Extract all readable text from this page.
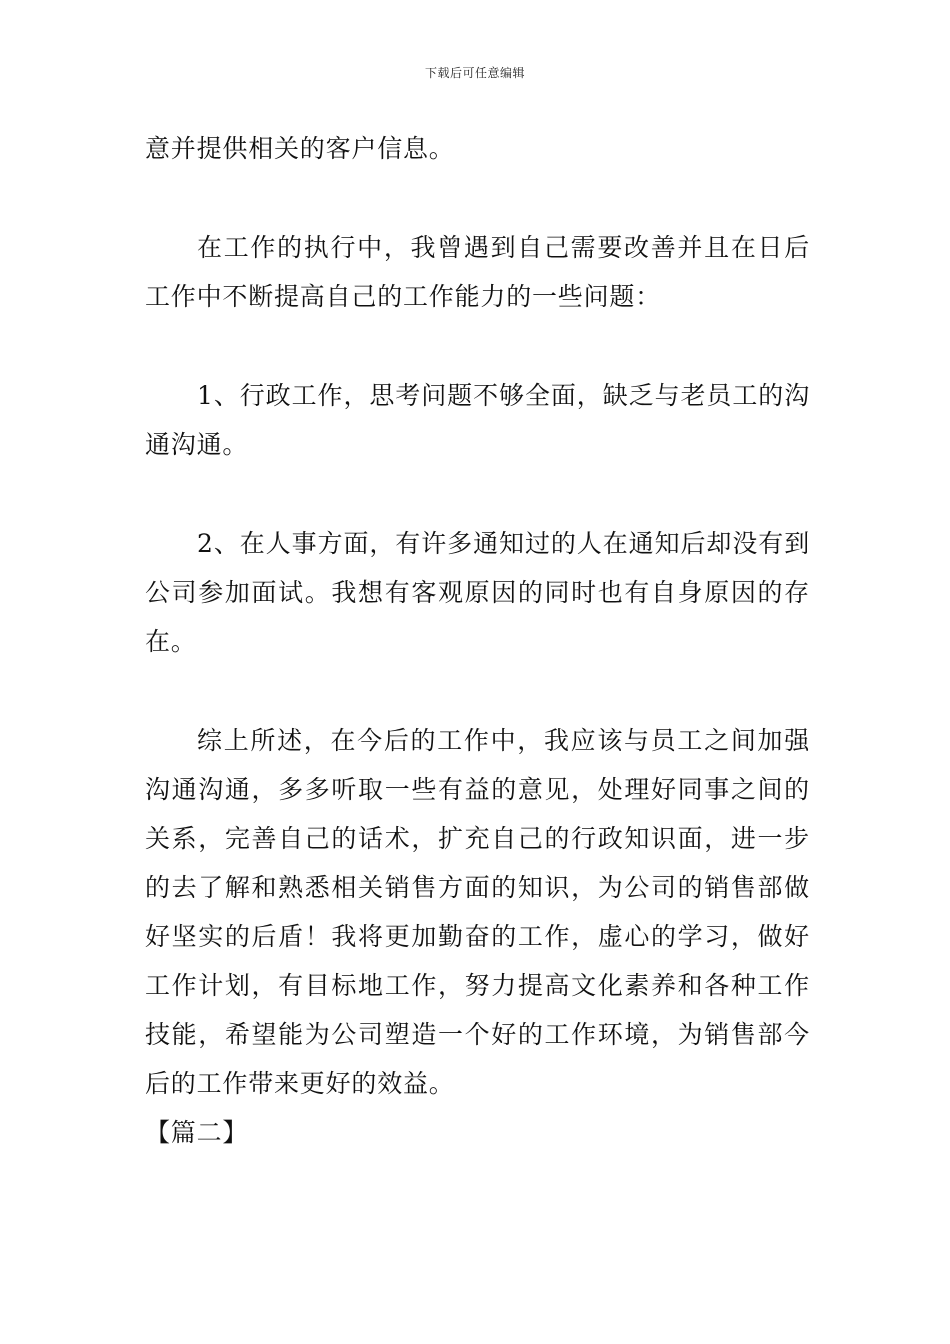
下载后可任意编辑

意并提供相关的客户信息。

在工作的执行中，我曾遇到自己需要改善并且在日后工作中不断提高自己的工作能力的一些问题：

1、行政工作，思考问题不够全面，缺乏与老员工的沟通沟通。

2、在人事方面，有许多通知过的人在通知后却没有到公司参加面试。我想有客观原因的同时也有自身原因的存在。

综上所述，在今后的工作中，我应该与员工之间加强沟通沟通，多多听取一些有益的意见，处理好同事之间的关系，完善自己的话术，扩充自己的行政知识面，进一步的去了解和熟悉相关销售方面的知识，为公司的销售部做好坚实的后盾！我将更加勤奋的工作，虚心的学习，做好工作计划，有目标地工作，努力提高文化素养和各种工作技能，希望能为公司塑造一个好的工作环境，为销售部今后的工作带来更好的效益。

【篇二】
